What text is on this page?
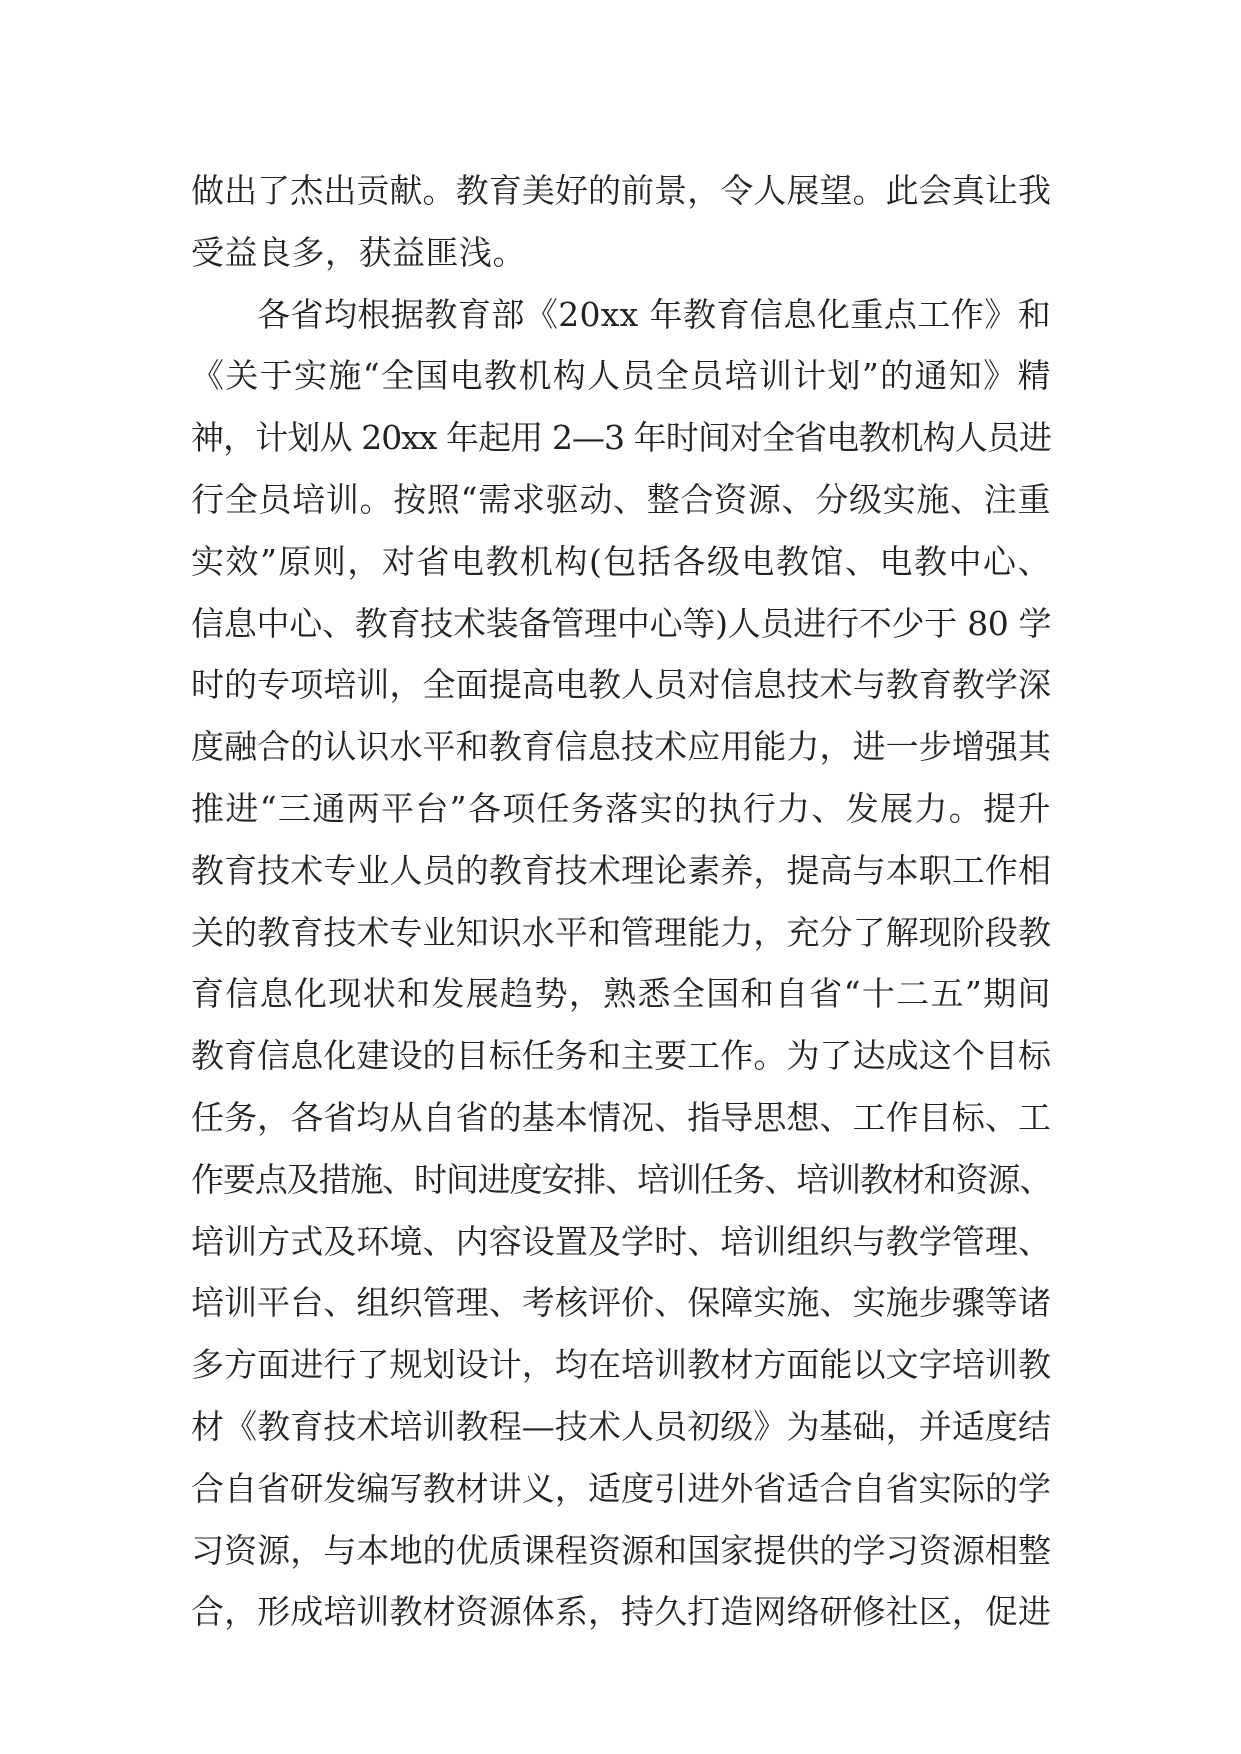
做出了杰出贡献。教育美好的前景，令人展望。此会真让我
受益良多，获益匪浅。
各省均根据教育部《20xx 年教育信息化重点工作》和
《关于实施“全国电教机构人员全员培训计划”的通知》精
神，计划从 20xx 年起用 2—3 年时间对全省电教机构人员进
行全员培训。按照“需求驱动、整合资源、分级实施、注重
实效”原则，对省电教机构(包括各级电教馆、电教中心、
信息中心、教育技术装备管理中心等)人员进行不少于 80 学
时的专项培训，全面提高电教人员对信息技术与教育教学深
度融合的认识水平和教育信息技术应用能力，进一步增强其
推进“三通两平台”各项任务落实的执行力、发展力。提升
教育技术专业人员的教育技术理论素养，提高与本职工作相
关的教育技术专业知识水平和管理能力，充分了解现阶段教
育信息化现状和发展趋势，熟悉全国和自省“十二五”期间
教育信息化建设的目标任务和主要工作。为了达成这个目标
任务，各省均从自省的基本情况、指导思想、工作目标、工
作要点及措施、时间进度安排、培训任务、培训教材和资源、
培训方式及环境、内容设置及学时、培训组织与教学管理、
培训平台、组织管理、考核评价、保障实施、实施步骤等诸
多方面进行了规划设计，均在培训教材方面能以文字培训教
材《教育技术培训教程—技术人员初级》为基础，并适度结
合自省研发编写教材讲义，适度引进外省适合自省实际的学
习资源，与本地的优质课程资源和国家提供的学习资源相整
合，形成培训教材资源体系，持久打造网络研修社区，促进
